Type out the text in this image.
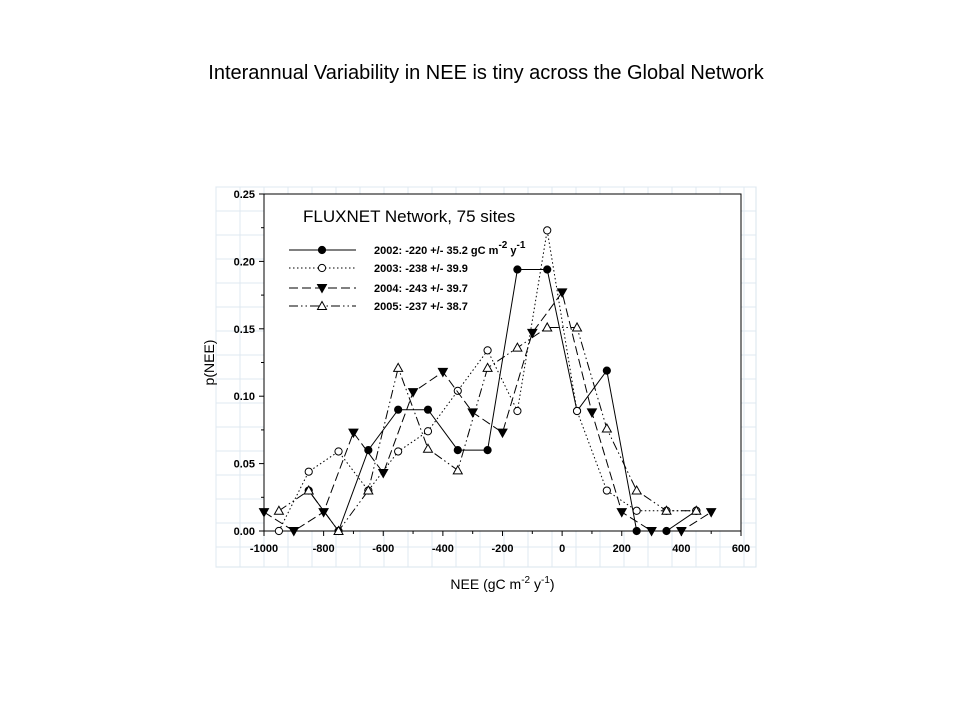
Interannual Variability in NEE is tiny across the Global Network
-1000	-800	-600	-400	-200	0	200	400	600
0.00
0.05
0.10
0.15
0.20
0.25
2002: -220 +/- 35.2 gC m-2 y-1
2003: -238 +/- 39.9
2004: -243 +/- 39.7
2005: -237 +/- 38.7
FLUXNET Network, 75 sites
NEE (gC $m^{-2}$ $y^{-1}$)
p(NEE)
